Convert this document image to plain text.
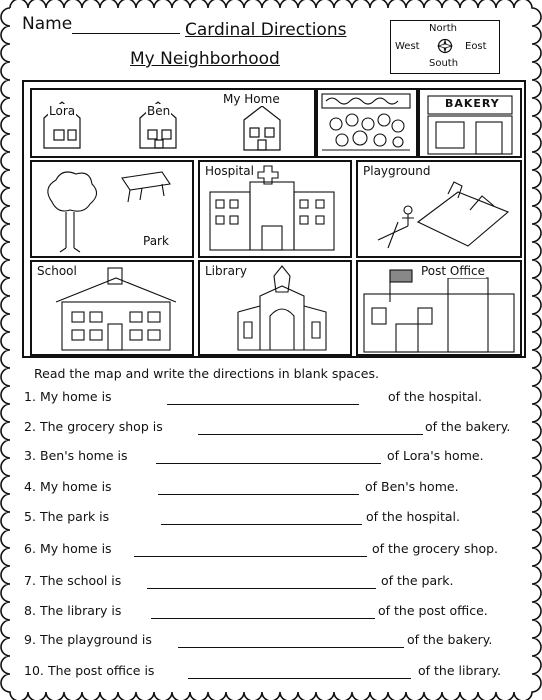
Name	Cardinal Directions
My Neighborhood
North
West	Eost
South
Lora	Ben
My Home	BAKERY
Park
Hospital	Playground
School	Library	Post Office
Read the map and write the directions in blank spaces.
1. My home is	of the hospital.
2. The grocery shop is	of the bakery.
3. Ben's home is	of Lora's home.
4. My home is	of Ben's home.
5. The park is	of the hospital.
6. My home is	of the grocery shop.
7. The school is	of the park.
8. The library is	of the post office.
9. The playground is	of the bakery.
10. The post office is	of the library.
